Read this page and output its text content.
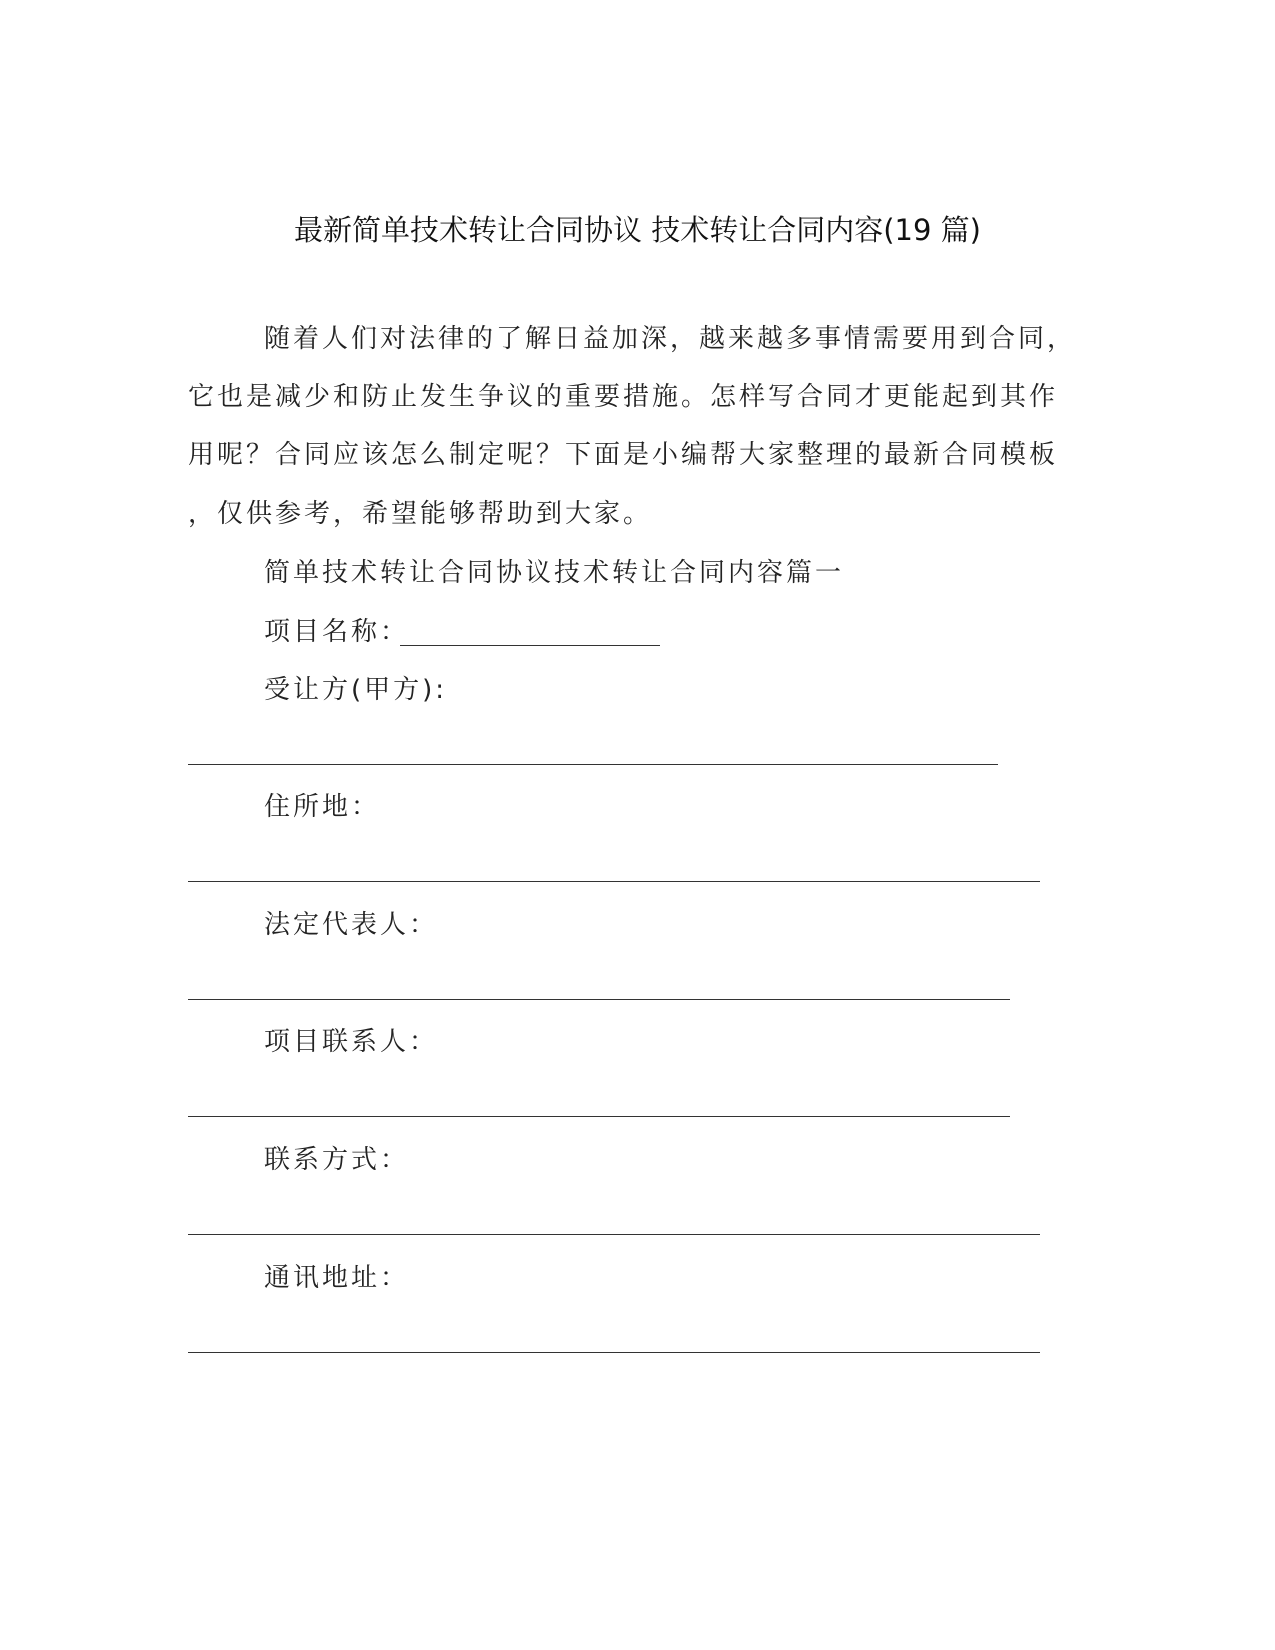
最新简单技术转让合同协议 技术转让合同内容(19 篇)
随着人们对法律的了解日益加深，越来越多事情需要用到合同，
它也是减少和防止发生争议的重要措施。怎样写合同才更能起到其作
用呢？合同应该怎么制定呢？下面是小编帮大家整理的最新合同模板
，仅供参考，希望能够帮助到大家。
简单技术转让合同协议技术转让合同内容篇一
项目名称：
受让方(甲方):
住所地：
法定代表人：
项目联系人：
联系方式：
通讯地址：
